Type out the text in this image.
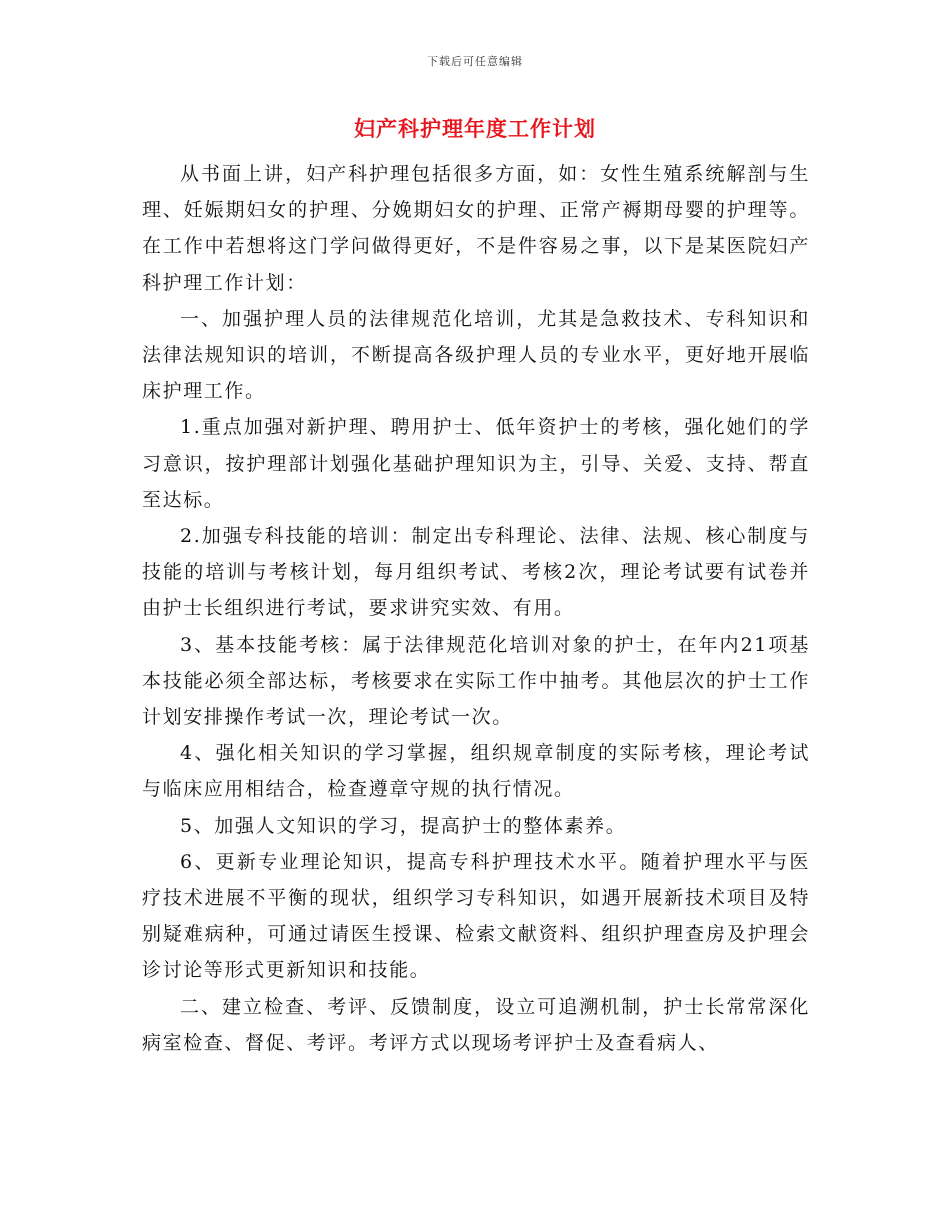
下载后可任意编辑
妇产科护理年度工作计划

从书面上讲，妇产科护理包括很多方面，如：女性生殖系统解剖与生理、妊娠期妇女的护理、分娩期妇女的护理、正常产褥期母婴的护理等。在工作中若想将这门学问做得更好，不是件容易之事，以下是某医院妇产科护理工作计划：

一、加强护理人员的法律规范化培训，尤其是急救技术、专科知识和法律法规知识的培训，不断提高各级护理人员的专业水平，更好地开展临床护理工作。

1.重点加强对新护理、聘用护士、低年资护士的考核，强化她们的学习意识，按护理部计划强化基础护理知识为主，引导、关爱、支持、帮直至达标。

2.加强专科技能的培训：制定出专科理论、法律、法规、核心制度与技能的培训与考核计划，每月组织考试、考核2次，理论考试要有试卷并由护士长组织进行考试，要求讲究实效、有用。

3、基本技能考核：属于法律规范化培训对象的护士，在年内21项基本技能必须全部达标，考核要求在实际工作中抽考。其他层次的护士工作计划安排操作考试一次，理论考试一次。

4、强化相关知识的学习掌握，组织规章制度的实际考核，理论考试与临床应用相结合，检查遵章守规的执行情况。

5、加强人文知识的学习，提高护士的整体素养。

6、更新专业理论知识，提高专科护理技术水平。随着护理水平与医疗技术进展不平衡的现状，组织学习专科知识，如遇开展新技术项目及特别疑难病种，可通过请医生授课、检索文献资料、组织护理查房及护理会诊讨论等形式更新知识和技能。

二、建立检查、考评、反馈制度，设立可追溯机制，护士长常常深化病室检查、督促、考评。考评方式以现场考评护士及查看病人、
